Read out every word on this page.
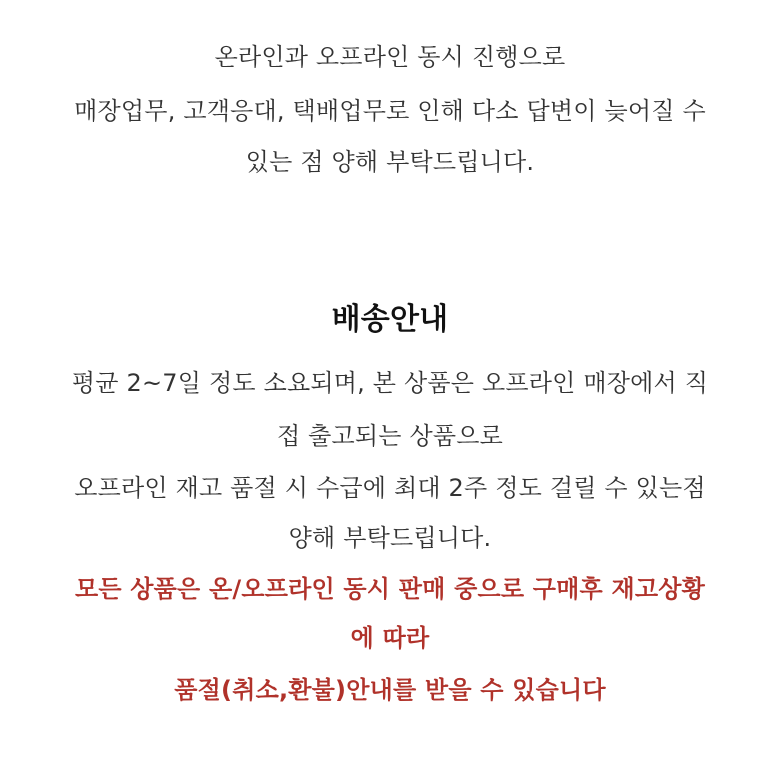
온라인과 오프라인 동시 진행으로
매장업무, 고객응대, 택배업무로 인해 다소 답변이 늦어질 수
있는 점 양해 부탁드립니다.
배송안내
평균 2~7일 정도 소요되며, 본 상품은 오프라인 매장에서 직
접 출고되는 상품으로
오프라인 재고 품절 시 수급에 최대 2주 정도 걸릴 수 있는점
양해 부탁드립니다.
모든 상품은 온/오프라인 동시 판매 중으로 구매후 재고상황
에 따라
품절(취소,환불)안내를 받을 수 있습니다
